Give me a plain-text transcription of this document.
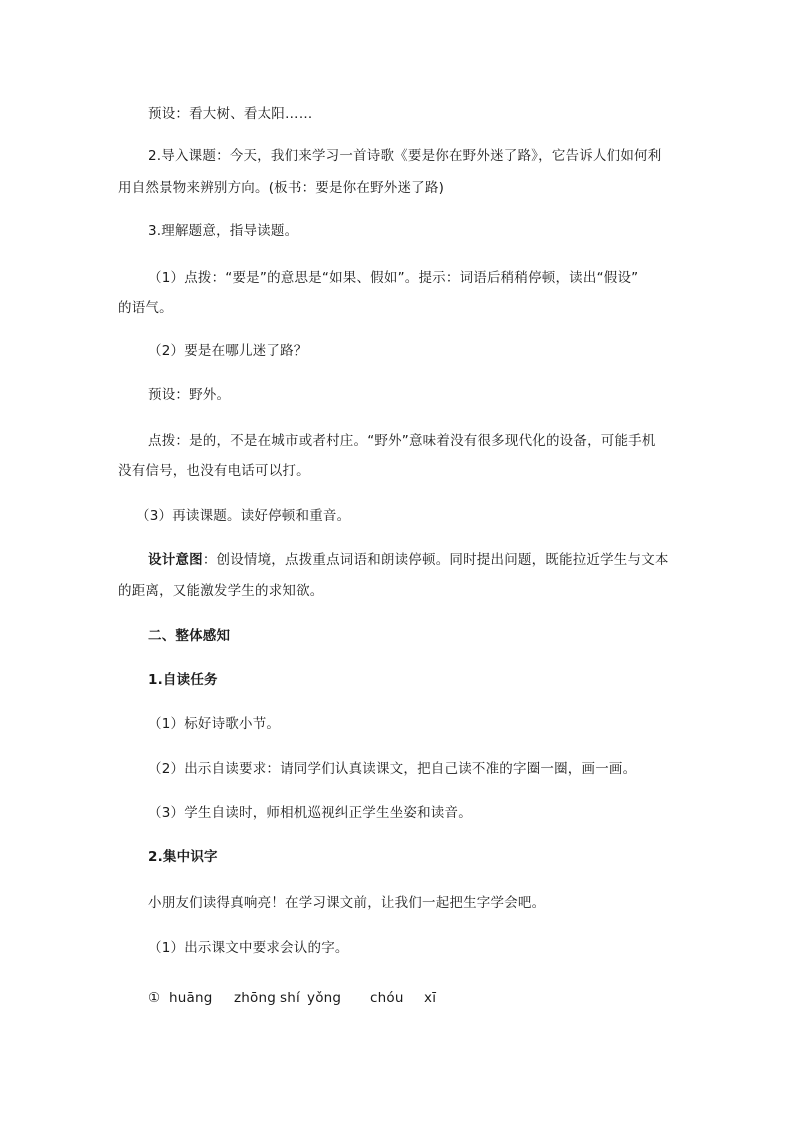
预设：看大树、看太阳……
2.导入课题：今天，我们来学习一首诗歌《要是你在野外迷了路》，它告诉人们如何利
用自然景物来辨别方向。(板书：要是你在野外迷了路)
3.理解题意，指导读题。
（1）点拨：“要是”的意思是“如果、假如”。提示：词语后稍稍停顿，读出“假设”
的语气。
（2）要是在哪儿迷了路？
预设：野外。
点拨：是的，不是在城市或者村庄。“野外”意味着没有很多现代化的设备，可能手机
没有信号，也没有电话可以打。
（3）再读课题。读好停顿和重音。
设计意图：创设情境，点拨重点词语和朗读停顿。同时提出问题，既能拉近学生与文本
的距离，又能激发学生的求知欲。
二、整体感知
1.自读任务
（1）标好诗歌小节。
（2）出示自读要求：请同学们认真读课文，把自己读不准的字圈一圈，画一画。
（3）学生自读时，师相机巡视纠正学生坐姿和读音。
2.集中识字
小朋友们读得真响亮！在学习课文前，让我们一起把生字学会吧。
（1）出示课文中要求会认的字。
① huāng zhōng shí yǒng chóu xī
